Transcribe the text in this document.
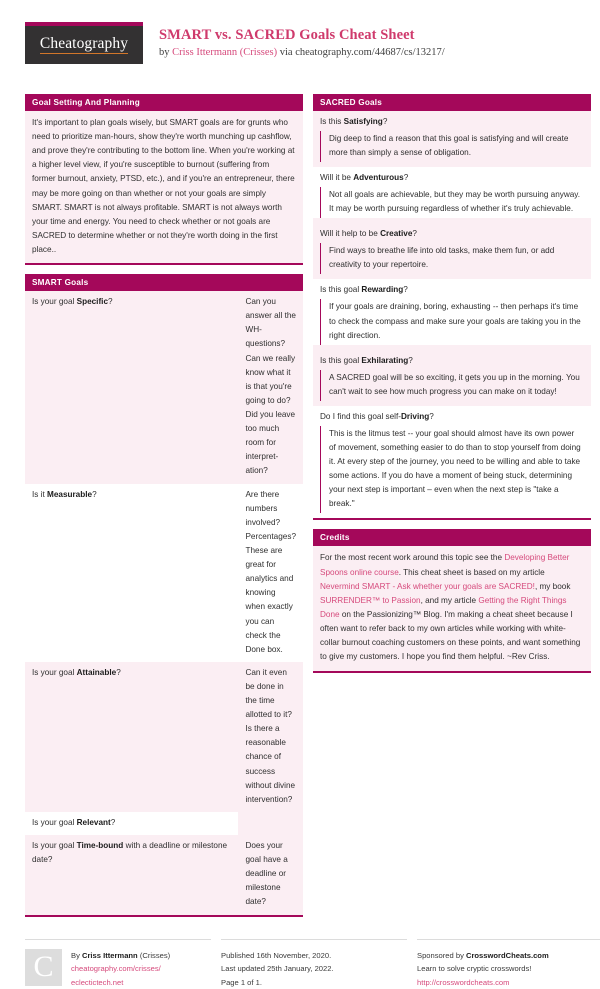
Cheatography
SMART vs. SACRED Goals Cheat Sheet
by Criss Ittermann (Crisses) via cheatography.com/44687/cs/13217/
Goal Setting And Planning
It's important to plan goals wisely, but SMART goals are for grunts who need to prioritize man-hours, show they're worth munching up cashflow, and prove they're contributing to the bottom line. When you're working at a higher level view, if you're susceptible to burnout (suffering from former burnout, anxiety, PTSD, etc.), and if you're an entrepreneur, there may be more going on than whether or not your goals are simply SMART. SMART is not always profitable. SMART is not always worth your time and energy. You need to check whether or not goals are SACRED to determine whether or not they're worth doing in the first place..
SMART Goals
Is your goal Specific?	Can you answer all the WH-questions? Can we really know what it is that you're going to do? Did you leave too much room for interpret-ation?
Is it Measurable?	Are there numbers involved? Percentages? These are great for analytics and knowing when exactly you can check the Done box.
Is your goal Attainable?	Can it even be done in the time allotted to it? Is there a reasonable chance of success without divine intervention?
Is your goal Relevant?	
Is your goal Time-bound with a deadline or milestone date?	Does your goal have a deadline or milestone date?
SACRED Goals
Is this Satisfying?
Dig deep to find a reason that this goal is satisfying and will create more than simply a sense of obligation.
Will it be Adventurous?
Not all goals are achievable, but they may be worth pursuing anyway. It may be worth pursuing regardless of whether it's truly achievable.
Will it help to be Creative?
Find ways to breathe life into old tasks, make them fun, or add creativity to your repertoire.
Is this goal Rewarding?
If your goals are draining, boring, exhausting -- then perhaps it's time to check the compass and make sure your goals are taking you in the right direction.
Is this goal Exhilarating?
A SACRED goal will be so exciting, it gets you up in the morning. You can't wait to see how much progress you can make on it today!
Do I find this goal self-Driving?
This is the litmus test -- your goal should almost have its own power of movement, something easier to do than to stop yourself from doing it. At every step of the journey, you need to be willing and able to take some actions. If you do have a moment of being stuck, determining your next step is important – even when the next step is "take a break."
Credits
For the most recent work around this topic see the Developing Better Spoons online course. This cheat sheet is based on my article Nevermind SMART - Ask whether your goals are SACRED!, my book SURRENDER™ to Passion, and my article Getting the Right Things Done on the Passionizing™ Blog. I'm making a cheat sheet because I often want to refer back to my own articles while working with white-collar burnout coaching customers on these points, and want something to give my customers. I hope you find them helpful. ~Rev Criss.
C	By Criss Ittermann (Crisses)
cheatography.com/crisses/
eclectictech.net
Published 16th November, 2020.
Last updated 25th January, 2022.
Page 1 of 1.
Sponsored by CrosswordCheats.com
Learn to solve cryptic crosswords!
http://crosswordcheats.com
